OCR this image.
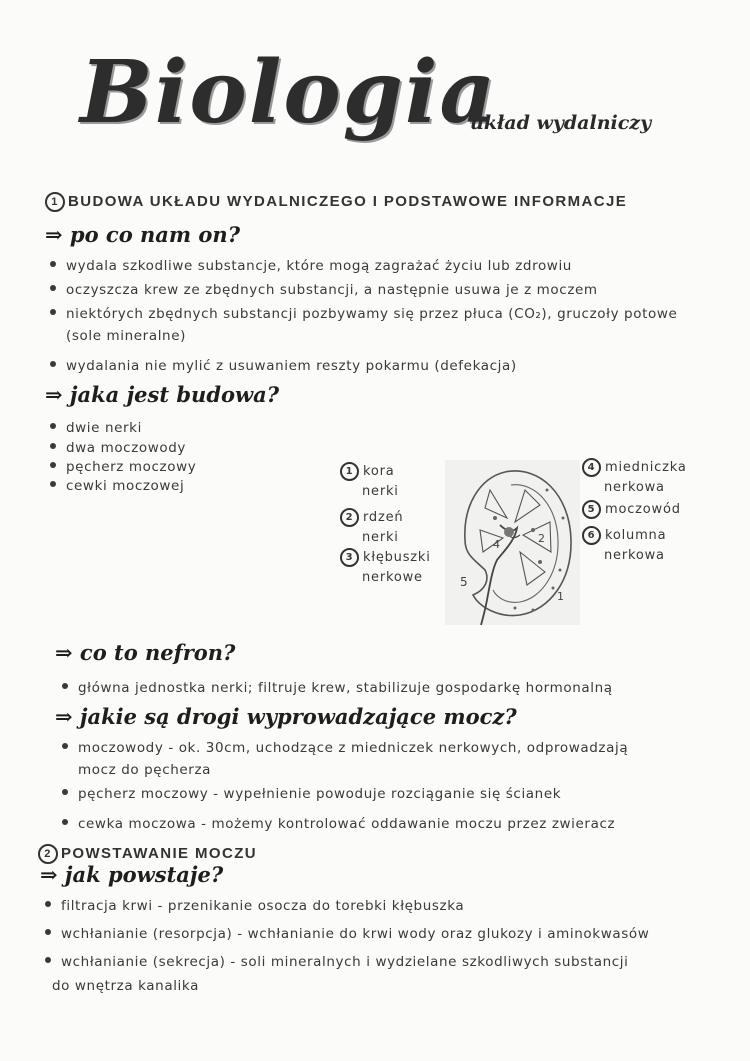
Biologia
układ wydalniczy
1 BUDOWA UKŁADU WYDALNICZEGO I PODSTAWOWE INFORMACJE
⇒ po co nam on?
wydala szkodliwe substancje, które mogą zagrażać życiu lub zdrowiu
oczyszcza krew ze zbędnych substancji, a następnie usuwa je z moczem
niektórych zbędnych substancji pozbywamy się przez płuca (CO₂), gruczoły potowe
(sole mineralne)
wydalania nie mylić z usuwaniem reszty pokarmu (defekacja)
⇒ jaka jest budowa?
dwie nerki
dwa moczowody
pęcherz moczowy
cewki moczowej
1 kora
nerki
2 rdzeń
nerki
3 kłębuszki
nerkowe
4 miedniczka
nerkowa
5 moczowód
6 kolumna
nerkowa
4	2
5
1
⇒ co to nefron?
główna jednostka nerki; filtruje krew, stabilizuje gospodarkę hormonalną
⇒ jakie są drogi wyprowadzające mocz?
moczowody - ok. 30cm, uchodzące z miedniczek nerkowych, odprowadzają
mocz do pęcherza
pęcherz moczowy - wypełnienie powoduje rozciąganie się ścianek
cewka moczowa - możemy kontrolować oddawanie moczu przez zwieracz
2 POWSTAWANIE MOCZU
⇒ jak powstaje?
filtracja krwi - przenikanie osocza do torebki kłębuszka
wchłanianie (resorpcja) - wchłanianie do krwi wody oraz glukozy i aminokwasów
wchłanianie (sekrecja) - soli mineralnych i wydzielane szkodliwych substancji
do wnętrza kanalika
